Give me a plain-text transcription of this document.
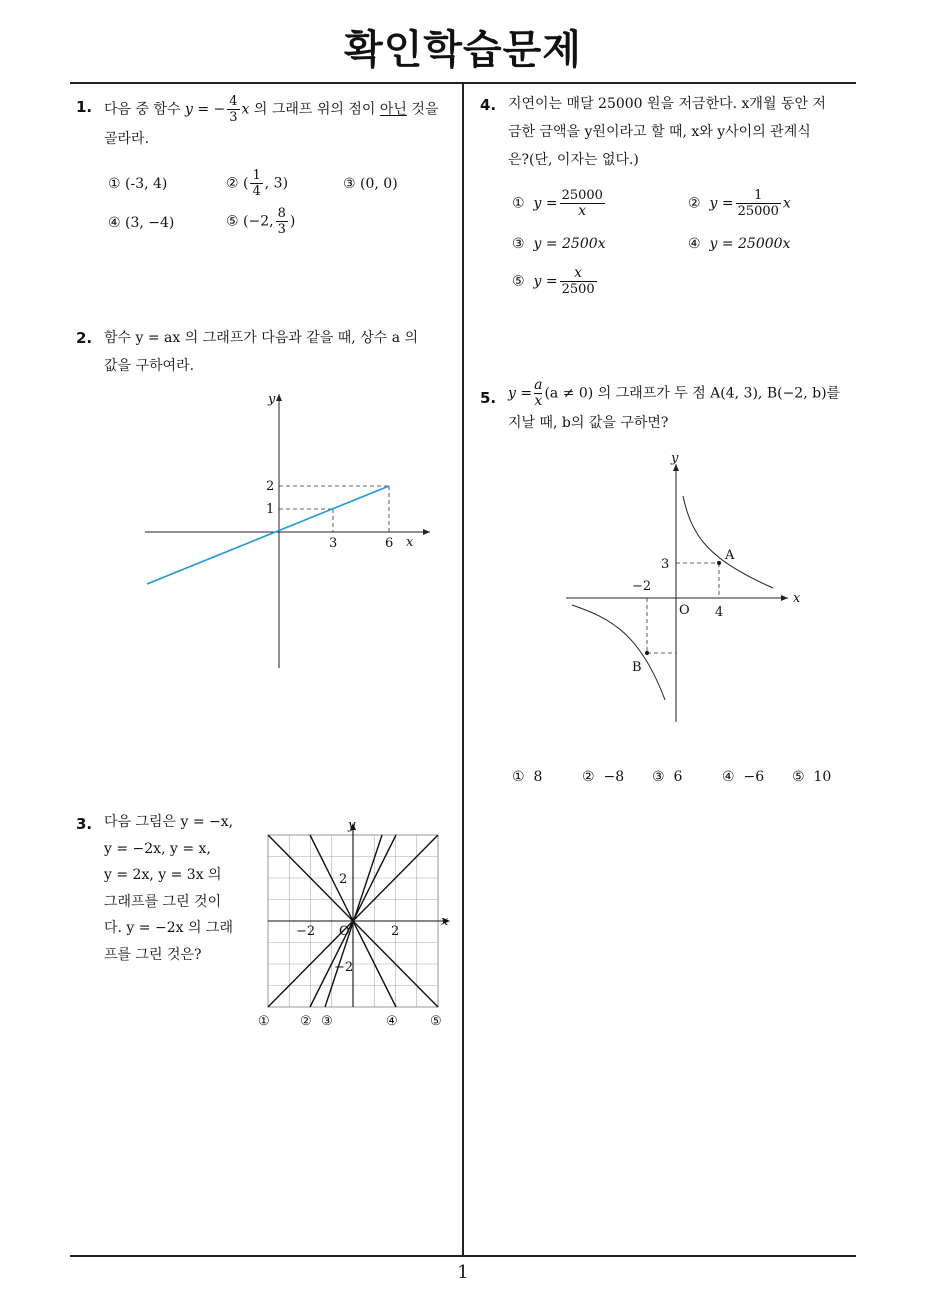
확인학습문제
1
1. 다음 중 함수 y = − $\frac{4}{3}$ x 의 그래프 위의 점이 아닌 것을
골라라.
① (-3, 4)	② ( $\frac{1}{4}$ , 3)	③ (0, 0)
④ (3, −4)	⑤ (−2, $\frac{8}{3}$ )
2. 함수 y = ax 의 그래프가 다음과 같을 때, 상수 a 의
값을 구하여라.
x
y
3	6
1
2
3. 다음 그림은 y = −x,
y = −2x, y = x,
y = 2x, y = 3x 의
그래프를 그린 것이
다. y = −2x 의 그래
프를 그린 것은?
x
y
O	2
−2
2
−2
① ② ③	④ ⑤
4. 지연이는 매달 25000 원을 저금한다. x개월 동안 저
금한 금액을 y원이라고 할 때, x와 y사이의 관계식
은?(단, 이자는 없다.)
① $y = \frac{25000}{x}$	② $y = \frac{1}{25000}$ x
③ y = 2500x	④ y = 25000x
⑤ $y = \frac{x}{2500}$
5. $y = \frac{a}{x} (a \ne 0)$ 의 그래프가 두 점 A(4, 3), B(−2, b)를
지날 때, b의 값을 구하면?
x
y
O
A
B
4
−2
3
① 8	② −8 ③ 6	④ −6 ⑤ 10
